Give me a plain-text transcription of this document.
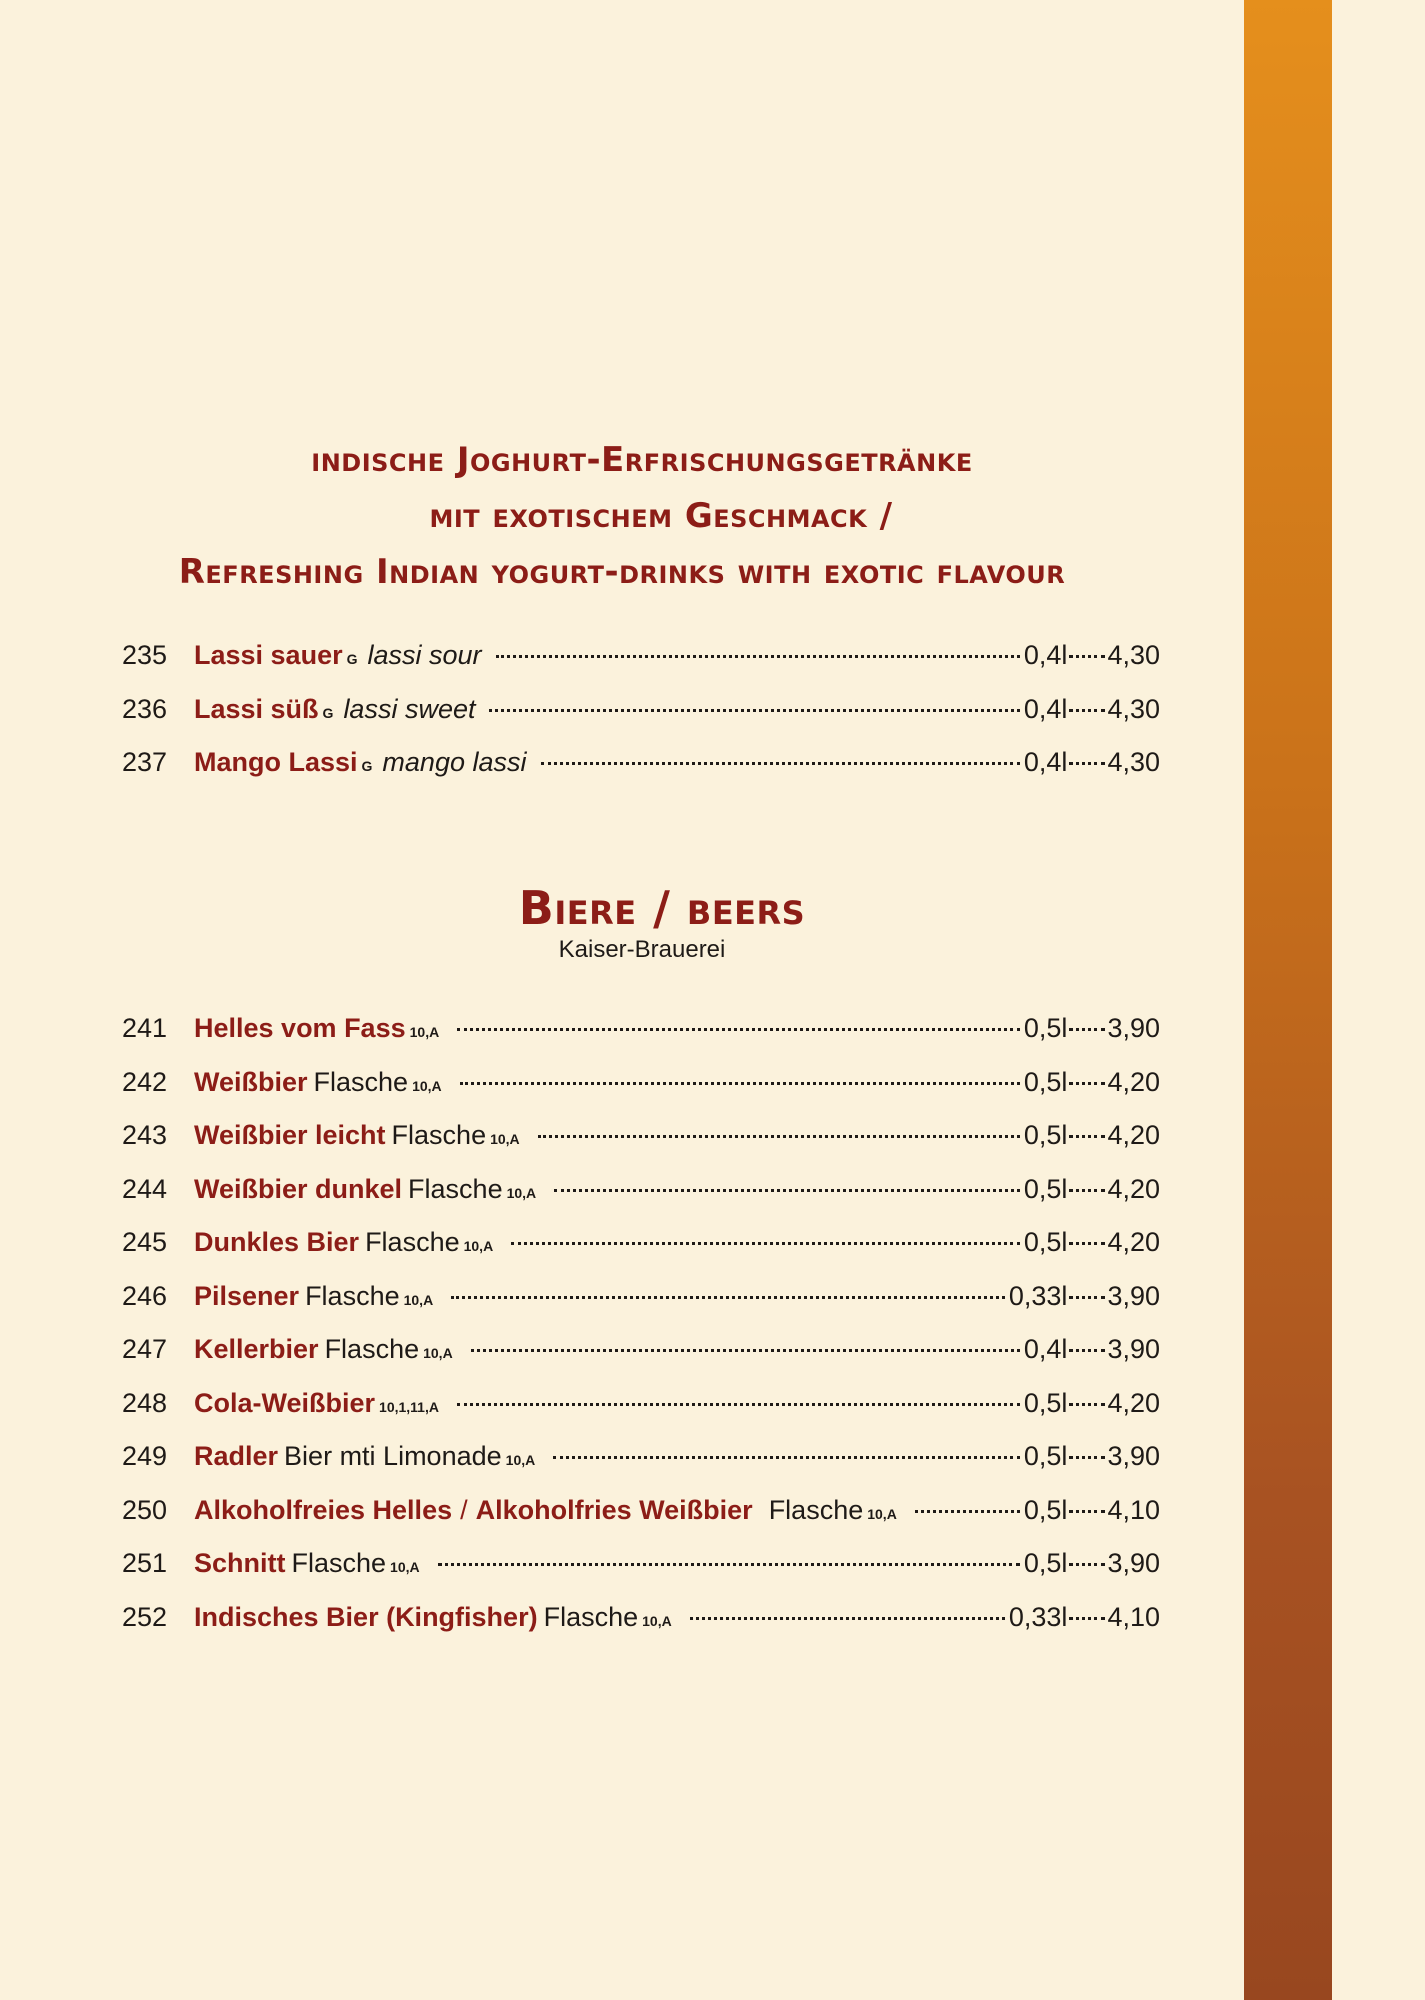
indische Joghurt-Erfrischungsgetränke
mit exotischem Geschmack /
Refreshing Indian yogurt-drinks with exotic flavour
235 Lassi sauer G lassi sour	0,4l 4,30
236 Lassi süß G lassi sweet	0,4l 4,30
237 Mango Lassi G mango lassi	0,4l 4,30
Biere / beers
Kaiser-Brauerei
241 Helles vom Fass 10,A	0,5l 3,90
242 Weißbier Flasche 10,A	0,5l 4,20
243 Weißbier leicht Flasche 10,A	0,5l 4,20
244 Weißbier dunkel Flasche 10,A	0,5l 4,20
245 Dunkles Bier Flasche 10,A	0,5l 4,20
246 Pilsener Flasche 10,A	0,33l 3,90
247 Kellerbier Flasche 10,A	0,4l 3,90
248 Cola-Weißbier 10,1,11,A	0,5l 4,20
249 Radler Bier mti Limonade 10,A	0,5l 3,90
250 Alkoholfreies Helles / Alkoholfries Weißbier Flasche 10,A	0,5l 4,10
251 Schnitt Flasche 10,A	0,5l 3,90
252 Indisches Bier (Kingfisher) Flasche 10,A	0,33l 4,10
